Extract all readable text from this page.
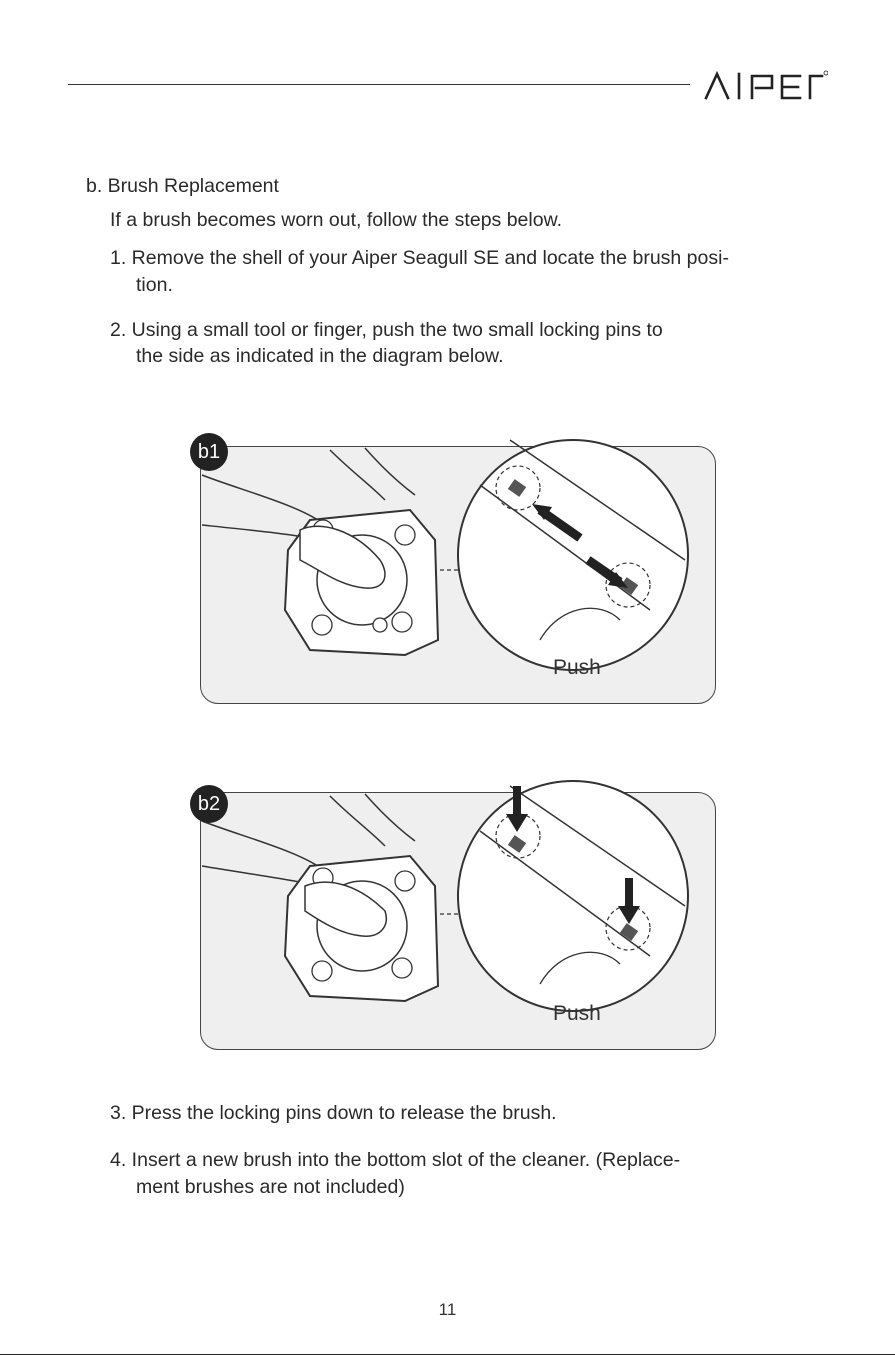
b. Brush Replacement
If a brush becomes worn out, follow the steps below.
1. Remove the shell of your Aiper Seagull SE and locate the brush posi-
tion.
2. Using a small tool or finger, push the two small locking pins to
the side as indicated in the diagram below.
b1
Push
b2
Push
3. Press the locking pins down to release the brush.
4. Insert a new brush into the bottom slot of the cleaner. (Replace-
ment brushes are not included)
11
